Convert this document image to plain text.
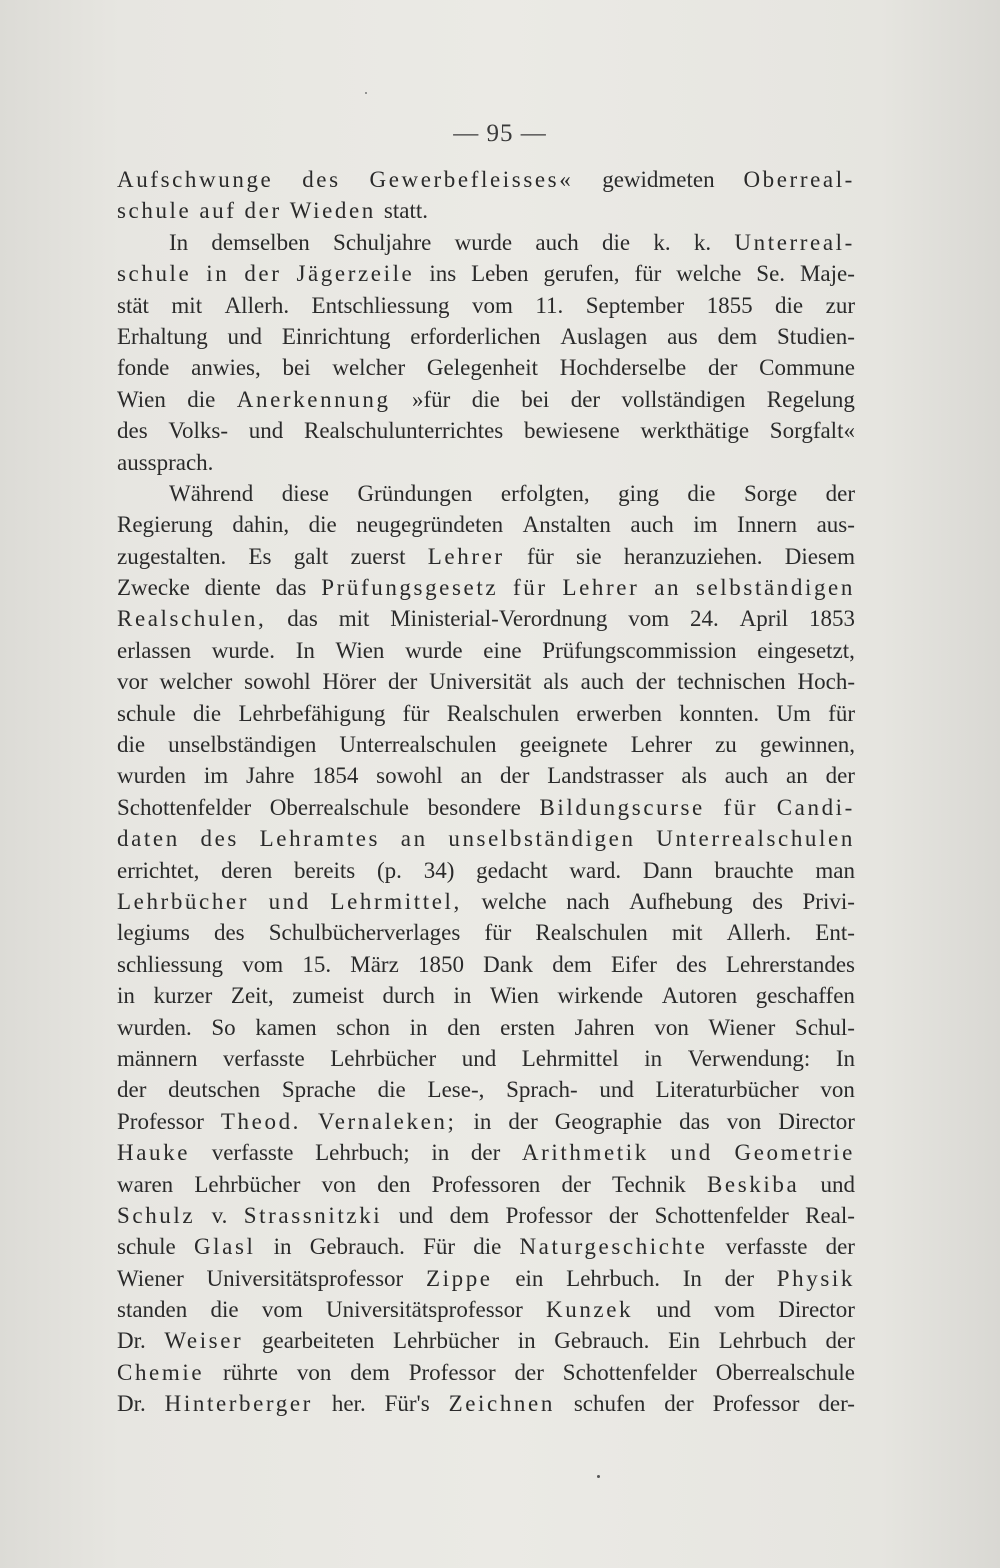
— 95 —
Aufschwunge des Gewerbefleisses« gewidmeten Oberreal-
schule auf der Wieden statt.
In demselben Schuljahre wurde auch die k. k. Unterreal-
schule in der Jägerzeile ins Leben gerufen, für welche Se. Maje-
stät mit Allerh. Entschliessung vom 11. September 1855 die zur
Erhaltung und Einrichtung erforderlichen Auslagen aus dem Studien-
fonde anwies, bei welcher Gelegenheit Hochderselbe der Commune
Wien die Anerkennung »für die bei der vollständigen Regelung
des Volks- und Realschulunterrichtes bewiesene werkthätige Sorgfalt«
aussprach.
Während diese Gründungen erfolgten, ging die Sorge der
Regierung dahin, die neugegründeten Anstalten auch im Innern aus-
zugestalten. Es galt zuerst Lehrer für sie heranzuziehen. Diesem
Zwecke diente das Prüfungsgesetz für Lehrer an selbständigen
Realschulen, das mit Ministerial-Verordnung vom 24. April 1853
erlassen wurde. In Wien wurde eine Prüfungscommission eingesetzt,
vor welcher sowohl Hörer der Universität als auch der technischen Hoch-
schule die Lehrbefähigung für Realschulen erwerben konnten. Um für
die unselbständigen Unterrealschulen geeignete Lehrer zu gewinnen,
wurden im Jahre 1854 sowohl an der Landstrasser als auch an der
Schottenfelder Oberrealschule besondere Bildungscurse für Candi-
daten des Lehramtes an unselbständigen Unterrealschulen
errichtet, deren bereits (p. 34) gedacht ward. Dann brauchte man
Lehrbücher und Lehrmittel, welche nach Aufhebung des Privi-
legiums des Schulbücherverlages für Realschulen mit Allerh. Ent-
schliessung vom 15. März 1850 Dank dem Eifer des Lehrerstandes
in kurzer Zeit, zumeist durch in Wien wirkende Autoren geschaffen
wurden. So kamen schon in den ersten Jahren von Wiener Schul-
männern verfasste Lehrbücher und Lehrmittel in Verwendung: In
der deutschen Sprache die Lese-, Sprach- und Literaturbücher von
Professor Theod. Vernaleken; in der Geographie das von Director
Hauke verfasste Lehrbuch; in der Arithmetik und Geometrie
waren Lehrbücher von den Professoren der Technik Beskiba und
Schulz v. Strassnitzki und dem Professor der Schottenfelder Real-
schule Glasl in Gebrauch. Für die Naturgeschichte verfasste der
Wiener Universitätsprofessor Zippe ein Lehrbuch. In der Physik
standen die vom Universitätsprofessor Kunzek und vom Director
Dr. Weiser gearbeiteten Lehrbücher in Gebrauch. Ein Lehrbuch der
Chemie rührte von dem Professor der Schottenfelder Oberrealschule
Dr. Hinterberger her. Für's Zeichnen schufen der Professor der-
